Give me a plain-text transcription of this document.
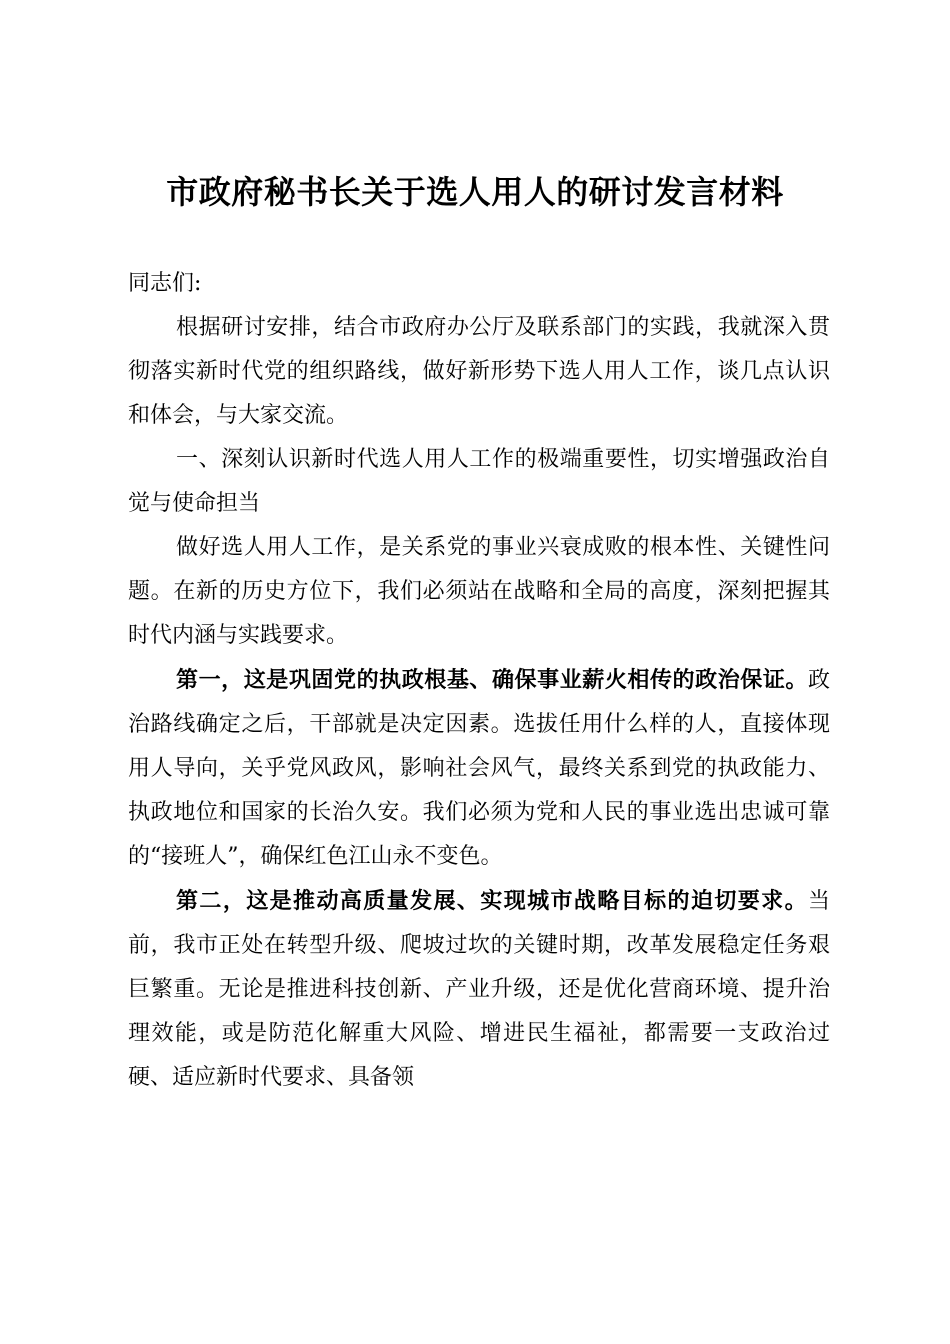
市政府秘书长关于选人用人的研讨发言材料

同志们:

根据研讨安排，结合市政府办公厅及联系部门的实践，我就深入贯彻落实新时代党的组织路线，做好新形势下选人用人工作，谈几点认识和体会，与大家交流。

一、深刻认识新时代选人用人工作的极端重要性，切实增强政治自觉与使命担当

做好选人用人工作，是关系党的事业兴衰成败的根本性、关键性问题。在新的历史方位下，我们必须站在战略和全局的高度，深刻把握其时代内涵与实践要求。

第一，这是巩固党的执政根基、确保事业薪火相传的政治保证。政治路线确定之后，干部就是决定因素。选拔任用什么样的人，直接体现用人导向，关乎党风政风，影响社会风气，最终关系到党的执政能力、执政地位和国家的长治久安。我们必须为党和人民的事业选出忠诚可靠的“接班人”，确保红色江山永不变色。

第二，这是推动高质量发展、实现城市战略目标的迫切要求。当前，我市正处在转型升级、爬坡过坎的关键时期，改革发展稳定任务艰巨繁重。无论是推进科技创新、产业升级，还是优化营商环境、提升治理效能，或是防范化解重大风险、增进民生福祉，都需要一支政治过硬、适应新时代要求、具备领
